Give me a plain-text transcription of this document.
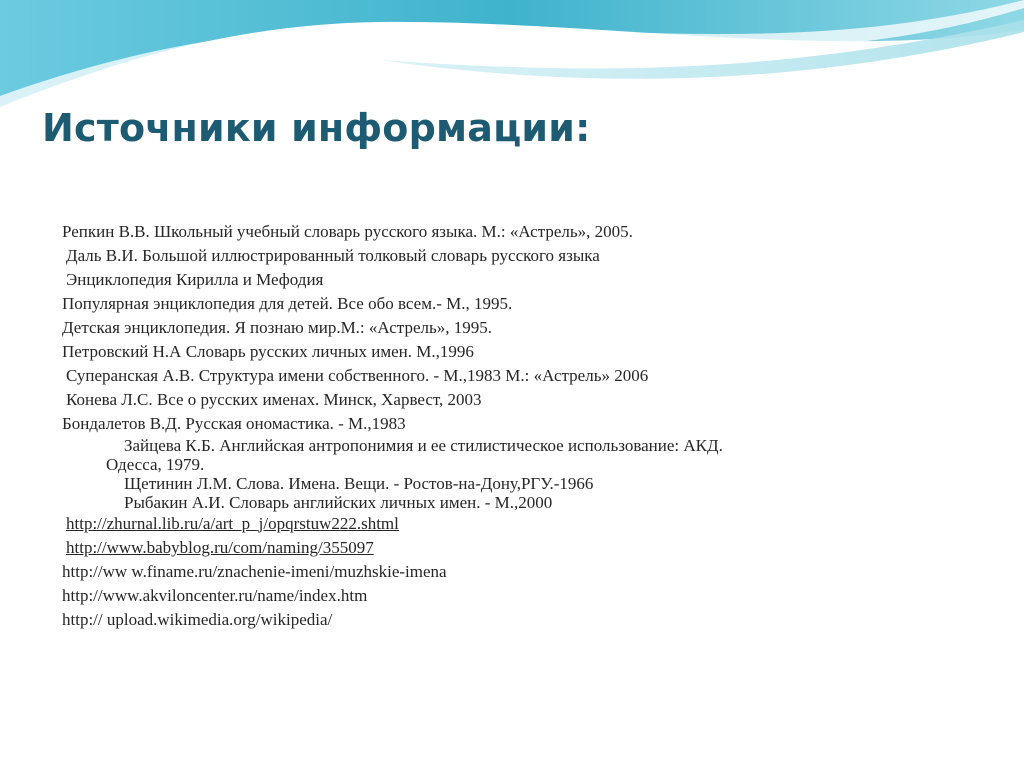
Источники информации:
Репкин В.В. Школьный учебный словарь русского языка. М.: «Астрель», 2005.
Даль В.И. Большой иллюстрированный толковый словарь русского языка
Энциклопедия Кирилла и Мефодия
Популярная энциклопедия для детей. Все обо всем.- М., 1995.
Детская энциклопедия. Я познаю мир.М.: «Астрель», 1995.
Петровский Н.А Словарь русских личных имен. М.,1996
Суперанская А.В. Структура имени собственного. - М.,1983 М.: «Астрель» 2006
Конева Л.С. Все о русских именах. Минск, Харвест, 2003
Бондалетов В.Д. Русская ономастика. - М.,1983
Зайцева К.Б. Английская антропонимия и ее стилистическое использование: АКД.
Одесса, 1979.
Щетинин Л.М. Слова. Имена. Вещи. - Ростов-на-Дону,РГУ.-1966
Рыбакин А.И. Словарь английских личных имен. - М.,2000
http://zhurnal.lib.ru/a/art_p_j/opqrstuw222.shtml
http://www.babyblog.ru/com/naming/355097
http://ww w.finame.ru/znachenie-imeni/muzhskie-imena
http://www.akviloncenter.ru/name/index.htm
http:// upload.wikimedia.org/wikipedia/
